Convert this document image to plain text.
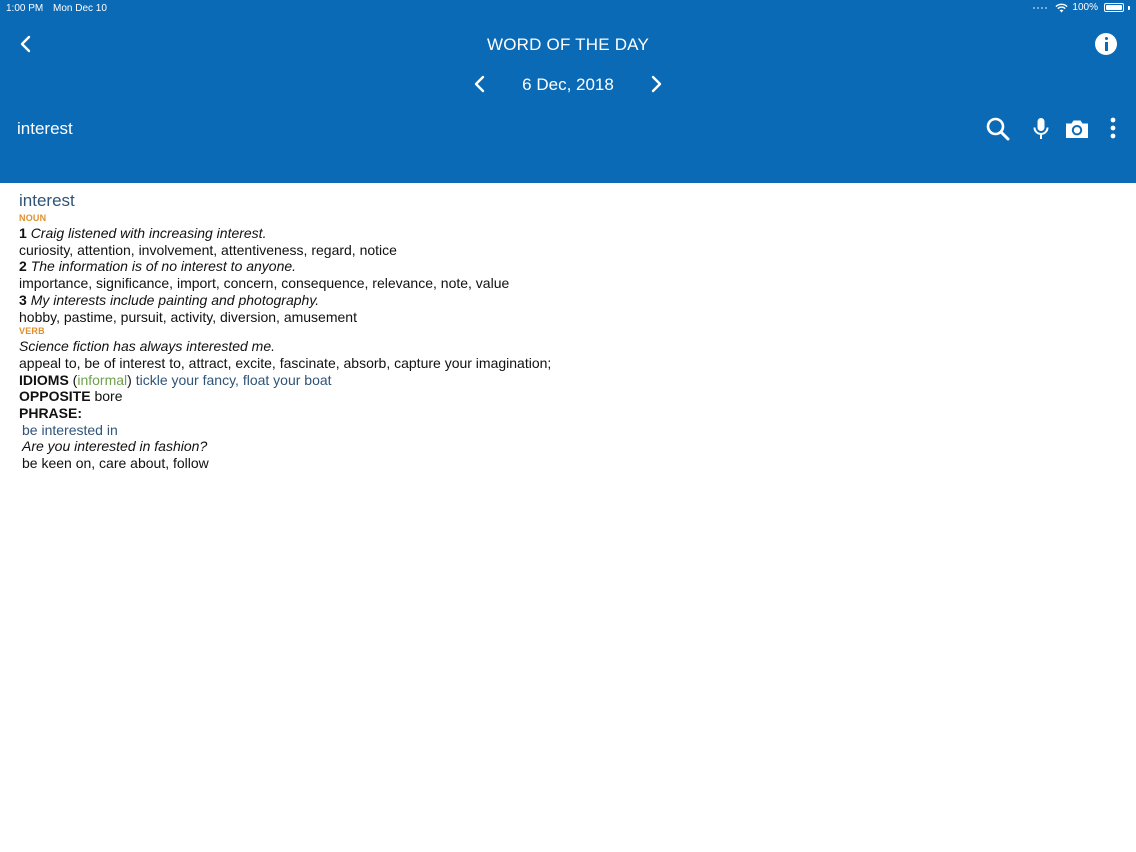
1:00 PM Mon Dec 10	100%
WORD OF THE DAY
6 Dec, 2018
interest
interest
NOUN
1 Craig listened with increasing interest.
curiosity, attention, involvement, attentiveness, regard, notice
2 The information is of no interest to anyone.
importance, significance, import, concern, consequence, relevance, note, value
3 My interests include painting and photography.
hobby, pastime, pursuit, activity, diversion, amusement
VERB
Science fiction has always interested me.
appeal to, be of interest to, attract, excite, fascinate, absorb, capture your imagination;
IDIOMS (informal) tickle your fancy, float your boat
OPPOSITE bore
PHRASE:
be interested in
Are you interested in fashion?
be keen on, care about, follow
